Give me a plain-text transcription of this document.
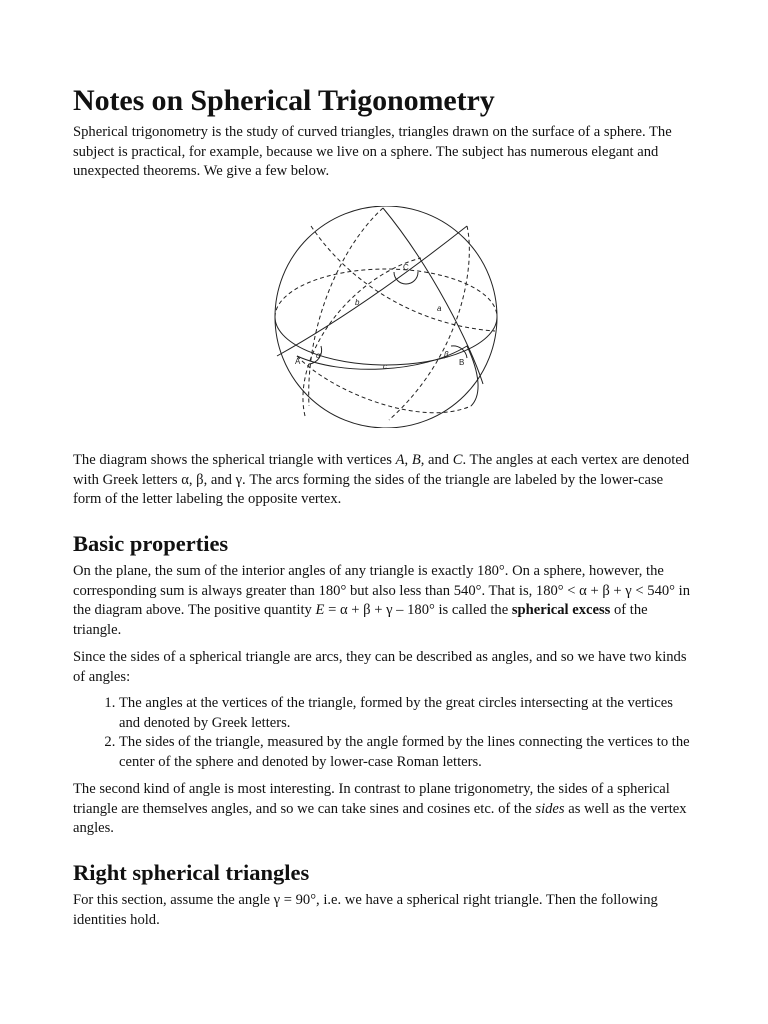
Notes on Spherical Trigonometry

Spherical trigonometry is the study of curved triangles, triangles drawn on the surface of a sphere. The subject is practical, for example, because we live on a sphere. The subject has numerous elegant and unexpected theorems. We give a few below.

C
A	B
b
a
c
α	β

The diagram shows the spherical triangle with vertices A, B, and C. The angles at each vertex are denoted with Greek letters α, β, and γ. The arcs forming the sides of the triangle are labeled by the lower-case form of the letter labeling the opposite vertex.

Basic properties

On the plane, the sum of the interior angles of any triangle is exactly 180°. On a sphere, however, the corresponding sum is always greater than 180° but also less than 540°. That is, 180° < α + β + γ < 540° in the diagram above. The positive quantity E = α + β + γ – 180° is called the spherical excess of the triangle.

Since the sides of a spherical triangle are arcs, they can be described as angles, and so we have two kinds of angles:

1. The angles at the vertices of the triangle, formed by the great circles intersecting at the vertices and denoted by Greek letters.
2. The sides of the triangle, measured by the angle formed by the lines connecting the vertices to the center of the sphere and denoted by lower-case Roman letters.

The second kind of angle is most interesting. In contrast to plane trigonometry, the sides of a spherical triangle are themselves angles, and so we can take sines and cosines etc. of the sides as well as the vertex angles.

Right spherical triangles

For this section, assume the angle γ = 90°, i.e. we have a spherical right triangle. Then the following identities hold.
